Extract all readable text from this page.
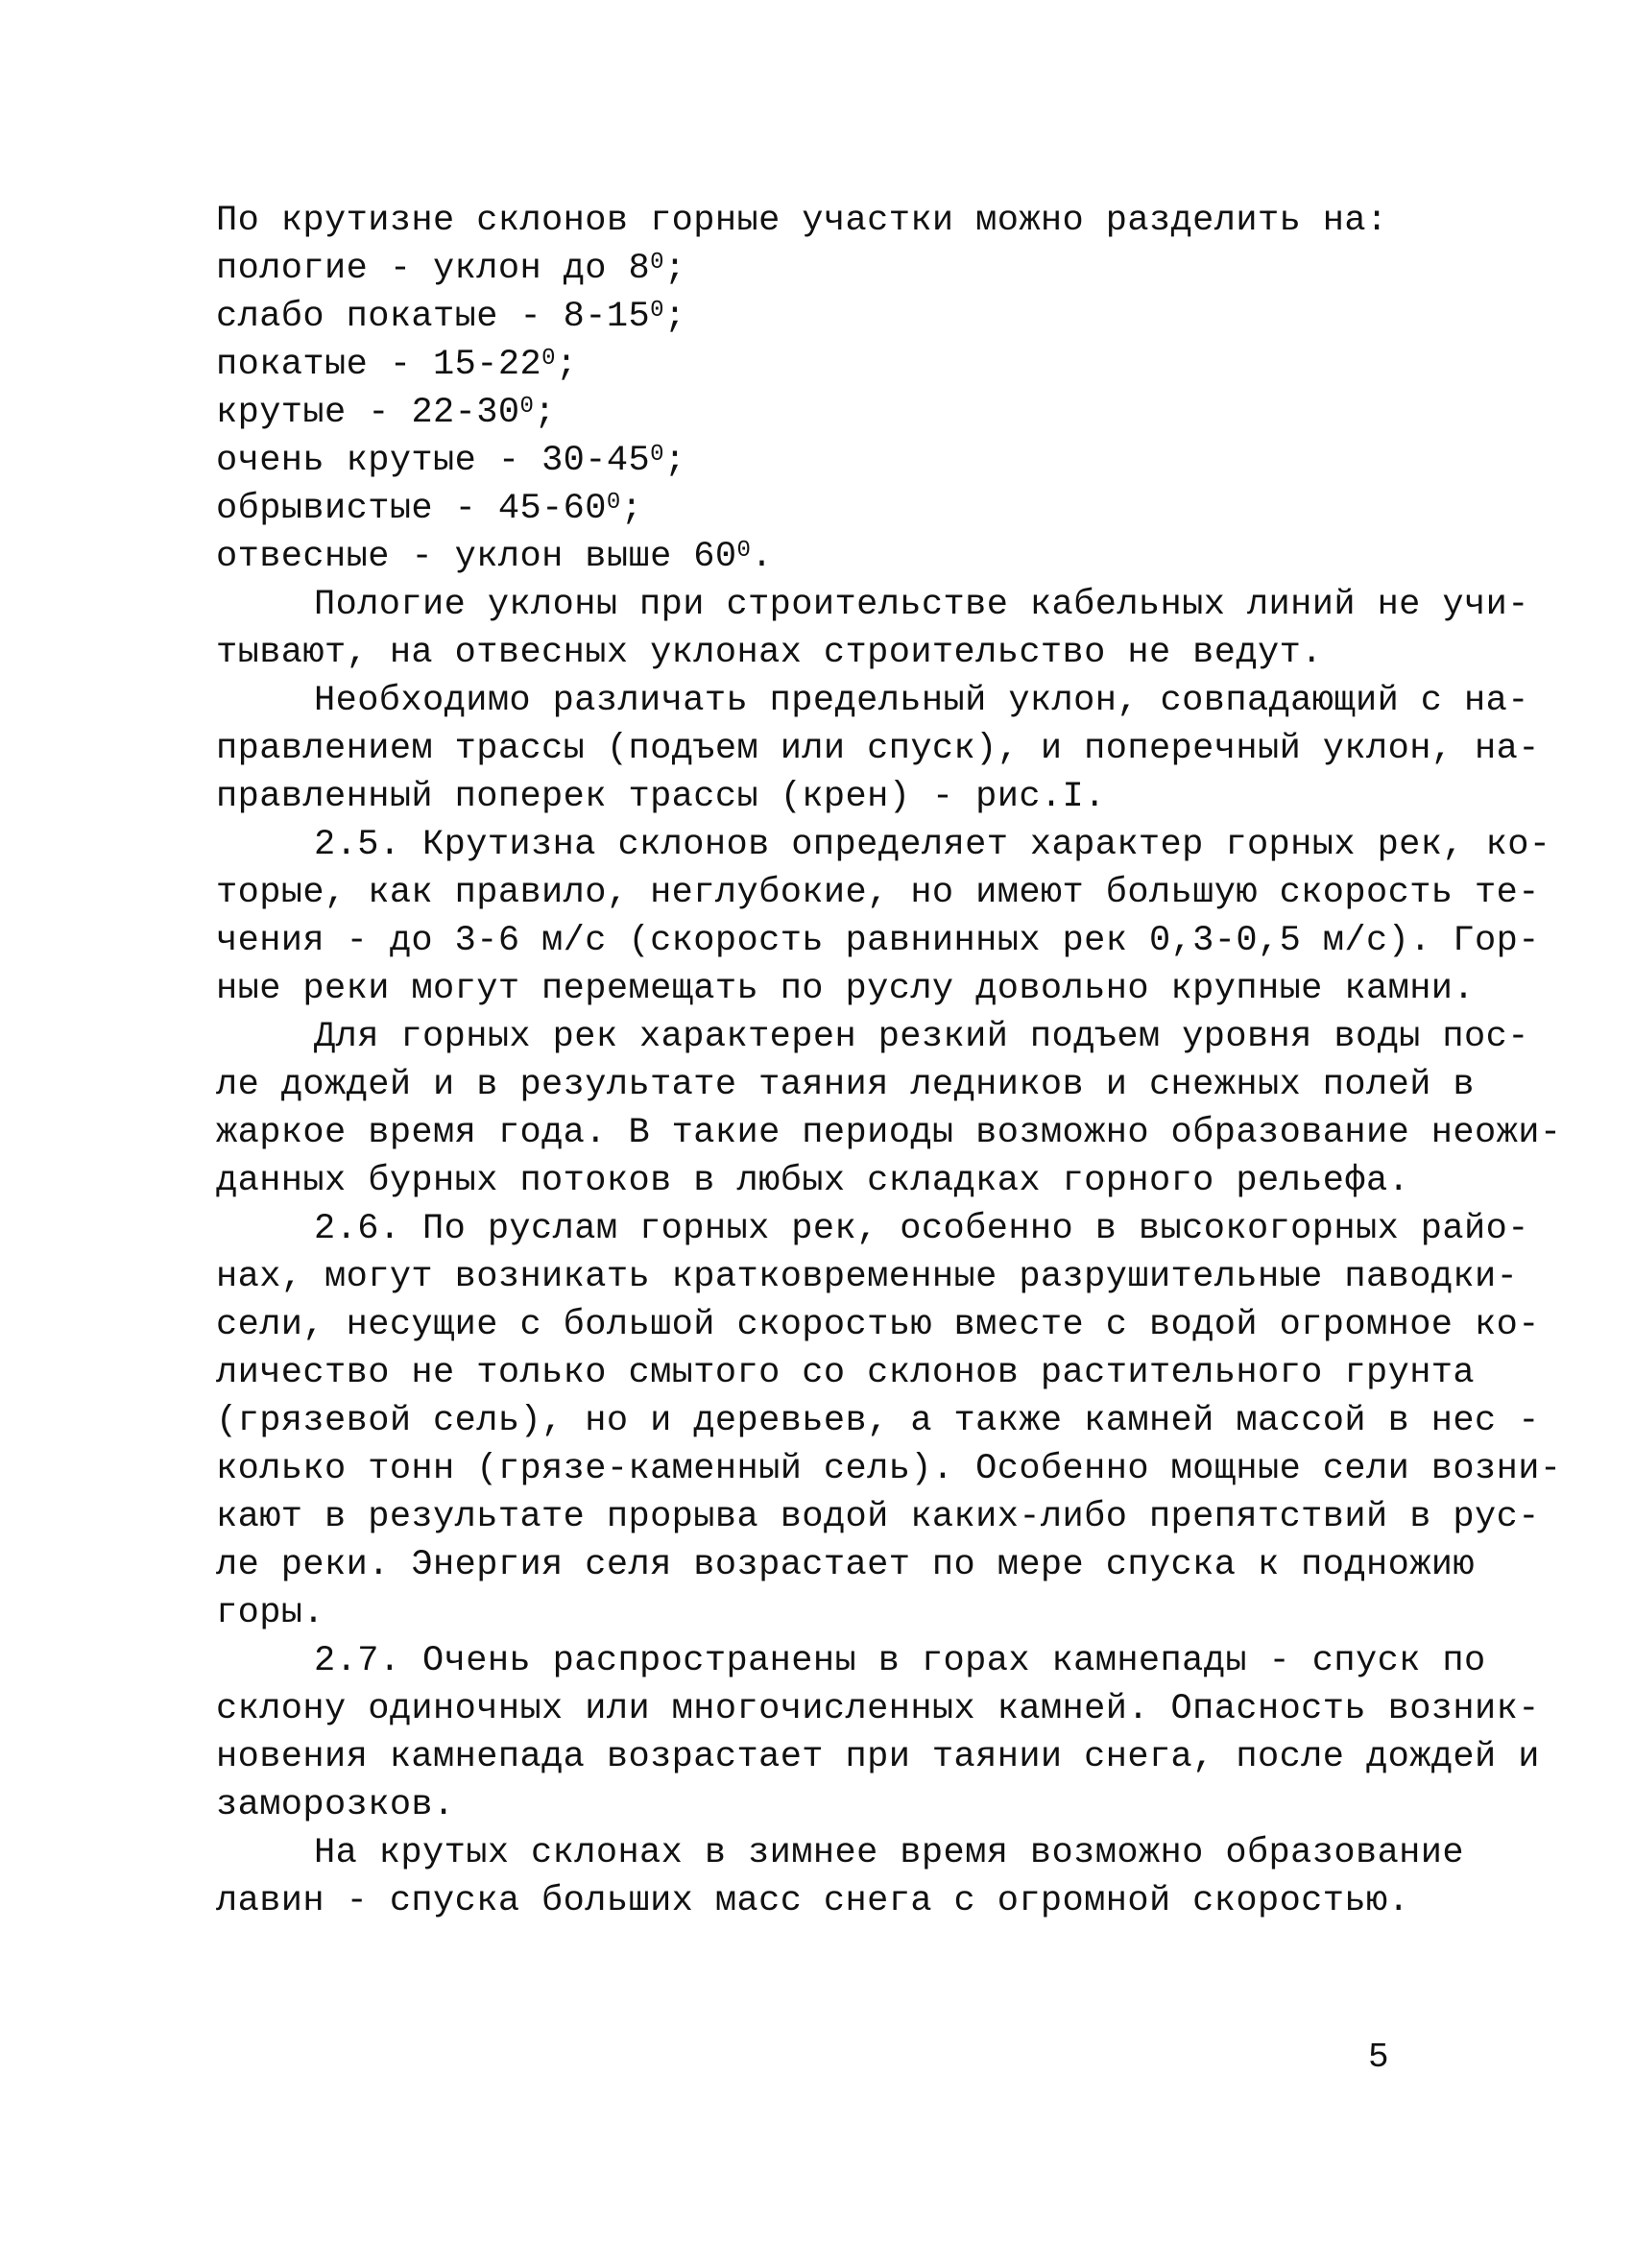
По крутизне склонов горные участки можно разделить на:
пологие - уклон до $8^0$;
слабо покатые - $8-15^0$;
покатые - $15-22^0$;
крутые - $22-30^0$;
очень крутые - $30-45^0$;
обрывистые - $45-60^0$;
отвесные - уклон выше $60^0$.
Пологие уклоны при строительстве кабельных линий не учи-
тывают, на отвесных уклонах строительство не ведут.
Необходимо различать предельный уклон, совпадающий с на-
правлением трассы (подъем или спуск), и поперечный уклон, на-
правленный поперек трассы (крен) - рис.I.
2.5. Крутизна склонов определяет характер горных рек, ко-
торые, как правило, неглубокие, но имеют большую скорость те-
чения - до 3-6 м/с (скорость равнинных рек 0,3-0,5 м/с). Гор-
ные реки могут перемещать по руслу довольно крупные камни.
Для горных рек характерен резкий подъем уровня воды пос-
ле дождей и в результате таяния ледников и снежных полей в
жаркое время года. В такие периоды возможно образование неожи-
данных бурных потоков в любых складках горного рельефа.
2.6. По руслам горных рек, особенно в высокогорных райо-
нах, могут возникать кратковременные разрушительные паводки-
сели, несущие с большой скоростью вместе с водой огромное ко-
личество не только смытого со склонов растительного грунта
(грязевой сель), но и деревьев, а также камней массой в нес -
колько тонн (грязе-каменный сель). Особенно мощные сели возни-
кают в результате прорыва водой каких-либо препятствий в рус-
ле реки. Энергия селя возрастает по мере спуска к подножию
горы.
2.7. Очень распространены в горах камнепады - спуск по
склону одиночных или многочисленных камней. Опасность возник-
новения камнепада возрастает при таянии снега, после дождей и
заморозков.
На крутых склонах в зимнее время возможно образование
лавин - спуска больших масс снега с огромной скоростью.
5
